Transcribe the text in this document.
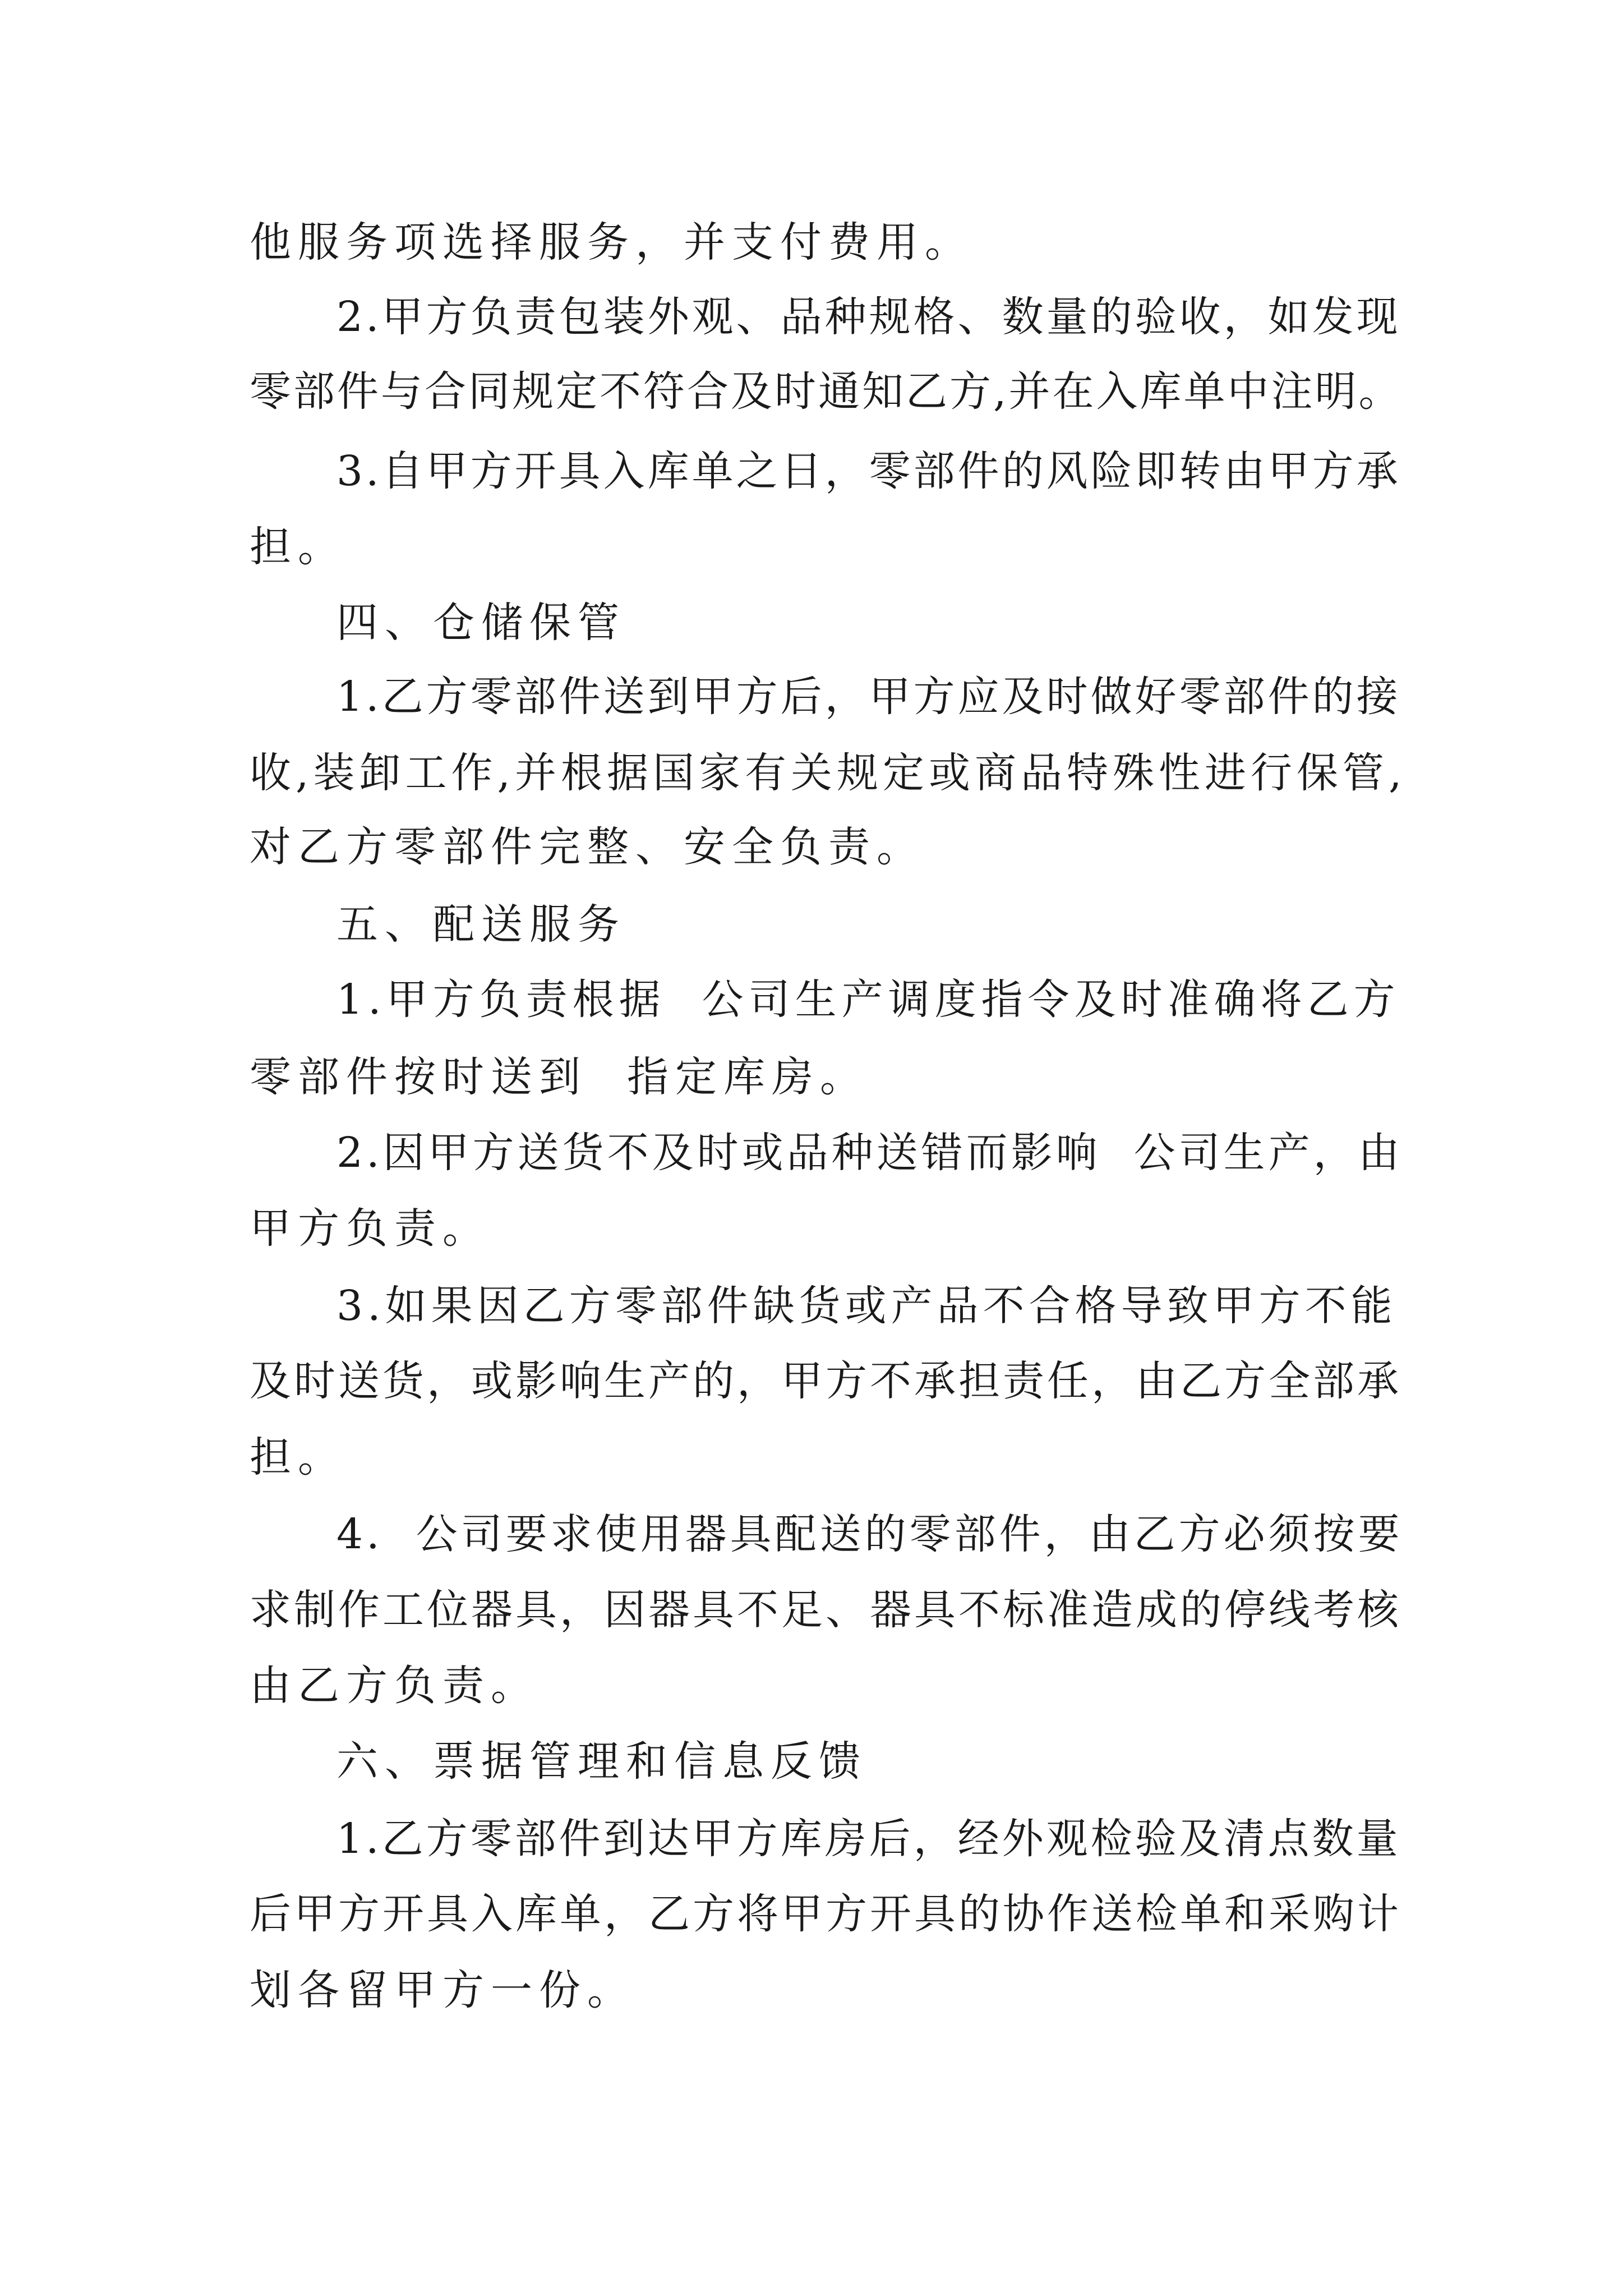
他服务项选择服务，并支付费用。
2.甲方负责包装外观、品种规格、数量的验收，如发现
零部件与合同规定不符合及时通知乙方,并在入库单中注明。
3.自甲方开具入库单之日，零部件的风险即转由甲方承
担。
四、仓储保管
1.乙方零部件送到甲方后，甲方应及时做好零部件的接
收,装卸工作,并根据国家有关规定或商品特殊性进行保管,
对乙方零部件完整、安全负责。
五、配送服务
1.甲方负责根据  公司生产调度指令及时准确将乙方
零部件按时送到  指定库房。
2.因甲方送货不及时或品种送错而影响  公司生产，由
甲方负责。
3.如果因乙方零部件缺货或产品不合格导致甲方不能
及时送货，或影响生产的，甲方不承担责任，由乙方全部承
担。
4.  公司要求使用器具配送的零部件，由乙方必须按要
求制作工位器具，因器具不足、器具不标准造成的停线考核
由乙方负责。
六、票据管理和信息反馈
1.乙方零部件到达甲方库房后，经外观检验及清点数量
后甲方开具入库单，乙方将甲方开具的协作送检单和采购计
划各留甲方一份。
